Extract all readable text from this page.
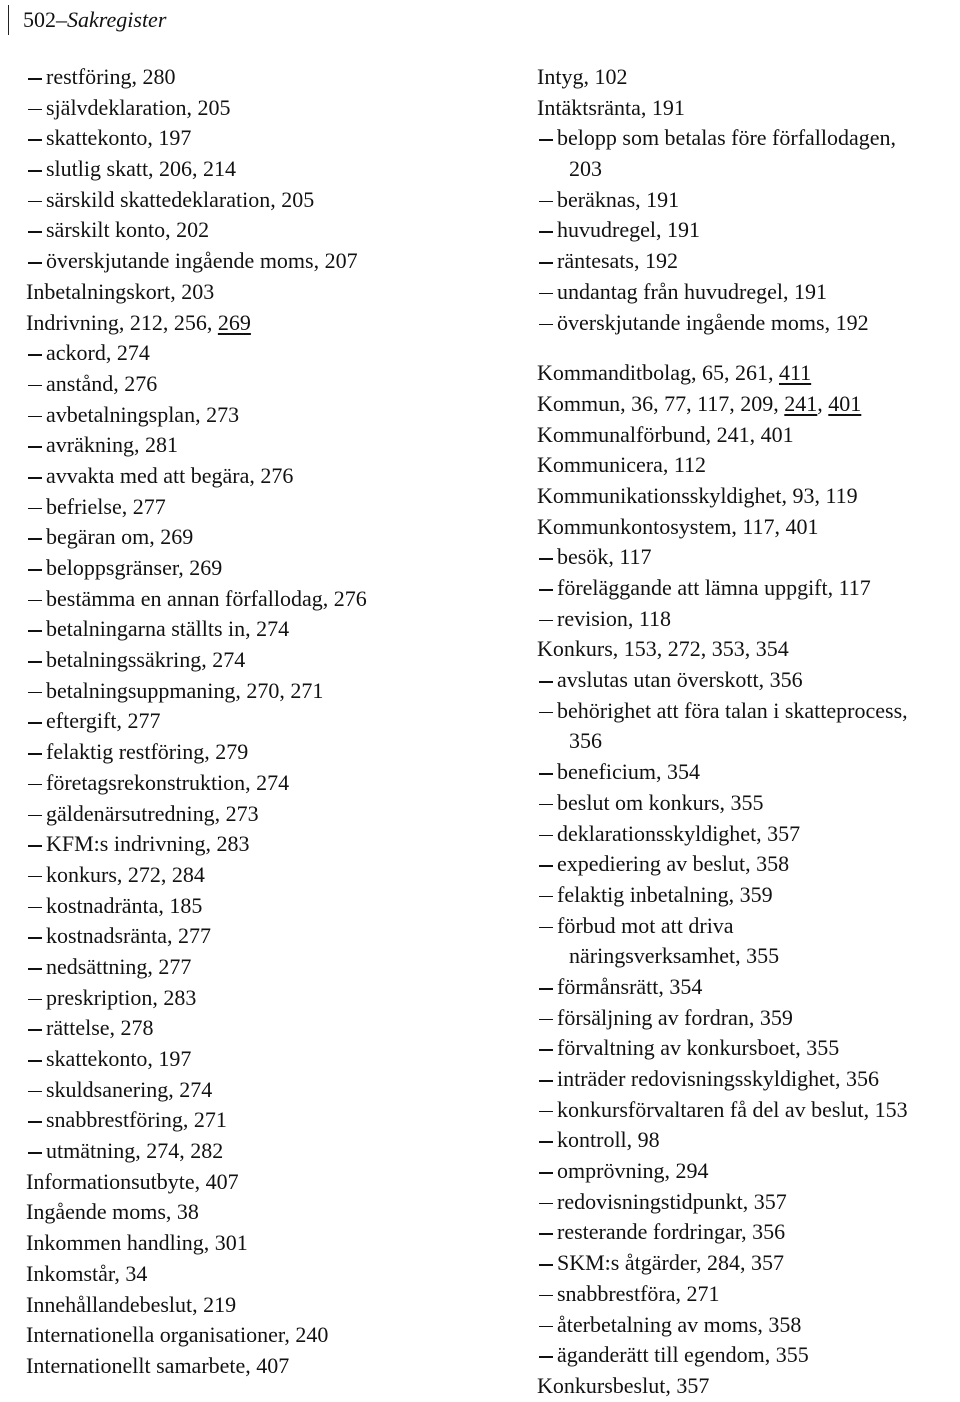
502 – Sakregister
restföring, 280
självdeklaration, 205
skattekonto, 197
slutlig skatt, 206, 214
särskild skattedeklaration, 205
särskilt konto, 202
överskjutande ingående moms, 207
Inbetalningskort, 203
Indrivning, 212, 256, 269
ackord, 274
anstånd, 276
avbetalningsplan, 273
avräkning, 281
avvakta med att begära, 276
befrielse, 277
begäran om, 269
beloppsgränser, 269
bestämma en annan förfallodag, 276
betalningarna ställts in, 274
betalningssäkring, 274
betalningsuppmaning, 270, 271
eftergift, 277
felaktig restföring, 279
företagsrekonstruktion, 274
gäldenärsutredning, 273
KFM:s indrivning, 283
konkurs, 272, 284
kostnadränta, 185
kostnadsränta, 277
nedsättning, 277
preskription, 283
rättelse, 278
skattekonto, 197
skuldsanering, 274
snabbrestföring, 271
utmätning, 274, 282
Informationsutbyte, 407
Ingående moms, 38
Inkommen handling, 301
Inkomstår, 34
Innehållandebeslut, 219
Internationella organisationer, 240
Internationellt samarbete, 407
Intyg, 102
Intäktsränta, 191
belopp som betalas före förfallodagen,
203
beräknas, 191
huvudregel, 191
räntesats, 192
undantag från huvudregel, 191
överskjutande ingående moms, 192
Kommanditbolag, 65, 261, 411
Kommun, 36, 77, 117, 209, 241, 401
Kommunalförbund, 241, 401
Kommunicera, 112
Kommunikationsskyldighet, 93, 119
Kommunkontosystem, 117, 401
besök, 117
föreläggande att lämna uppgift, 117
revision, 118
Konkurs, 153, 272, 353, 354
avslutas utan överskott, 356
behörighet att föra talan i skatteprocess,
356
beneficium, 354
beslut om konkurs, 355
deklarationsskyldighet, 357
expediering av beslut, 358
felaktig inbetalning, 359
förbud mot att driva
näringsverksamhet, 355
förmånsrätt, 354
försäljning av fordran, 359
förvaltning av konkursboet, 355
inträder redovisningsskyldighet, 356
konkursförvaltaren få del av beslut, 153
kontroll, 98
omprövning, 294
redovisningstidpunkt, 357
resterande fordringar, 356
SKM:s åtgärder, 284, 357
snabbrestföra, 271
återbetalning av moms, 358
äganderätt till egendom, 355
Konkursbeslut, 357
